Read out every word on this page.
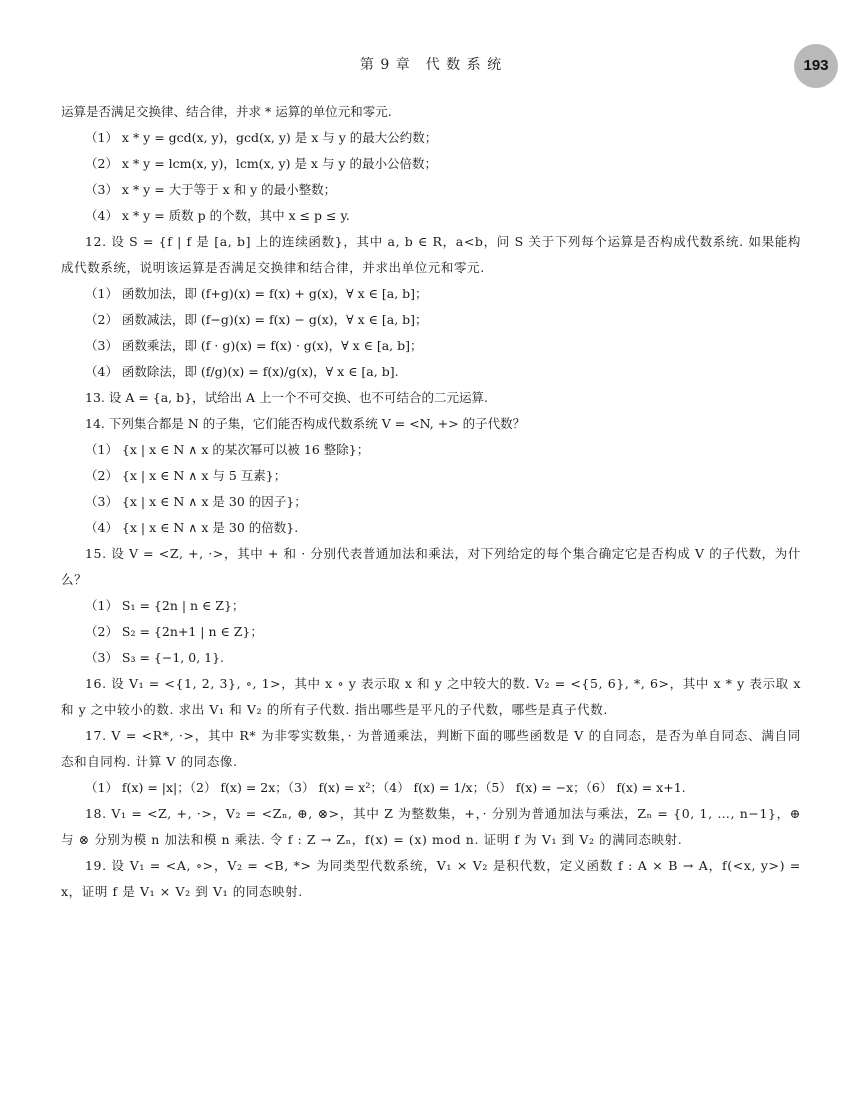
第 9 章　代 数 系 统	193

运算是否满足交换律、结合律，并求 * 运算的单位元和零元.

（1） x * y = gcd(x, y)，gcd(x, y) 是 x 与 y 的最大公约数；

（2） x * y = lcm(x, y)，lcm(x, y) 是 x 与 y 的最小公倍数；

（3） x * y = 大于等于 x 和 y 的最小整数；

（4） x * y = 质数 p 的个数，其中 x ≤ p ≤ y.

12. 设 S = {f | f 是 [a, b] 上的连续函数}，其中 a, b ∈ R，a<b，问 S 关于下列每个运算是否构成代数系统. 如果能构成代数系统，说明该运算是否满足交换律和结合律，并求出单位元和零元.

（1） 函数加法，即 (f+g)(x) = f(x) + g(x)，∀ x ∈ [a, b]；

（2） 函数减法，即 (f−g)(x) = f(x) − g(x)，∀ x ∈ [a, b]；

（3） 函数乘法，即 (f · g)(x) = f(x) · g(x)，∀ x ∈ [a, b]；

（4） 函数除法，即 (f/g)(x) = f(x)/g(x)，∀ x ∈ [a, b].

13. 设 A = {a, b}，试给出 A 上一个不可交换、也不可结合的二元运算.

14. 下列集合都是 N 的子集，它们能否构成代数系统 V = <N, +> 的子代数？

（1） {x | x ∈ N ∧ x 的某次幂可以被 16 整除}；

（2） {x | x ∈ N ∧ x 与 5 互素}；

（3） {x | x ∈ N ∧ x 是 30 的因子}；

（4） {x | x ∈ N ∧ x 是 30 的倍数}.

15. 设 V = <Z, +, ·>，其中 + 和 · 分别代表普通加法和乘法，对下列给定的每个集合确定它是否构成 V 的子代数，为什么？

（1） S₁ = {2n | n ∈ Z}；

（2） S₂ = {2n+1 | n ∈ Z}；

（3） S₃ = {−1, 0, 1}.

16. 设 V₁ = <{1, 2, 3}, ∘, 1>，其中 x ∘ y 表示取 x 和 y 之中较大的数. V₂ = <{5, 6}, *, 6>，其中 x * y 表示取 x 和 y 之中较小的数. 求出 V₁ 和 V₂ 的所有子代数. 指出哪些是平凡的子代数，哪些是真子代数.

17. V = <R*, ·>，其中 R* 为非零实数集，· 为普通乘法，判断下面的哪些函数是 V 的自同态，是否为单自同态、满自同态和自同构. 计算 V 的同态像.

（1） f(x) = |x|；（2） f(x) = 2x；（3） f(x) = x²；（4） f(x) = 1/x；（5） f(x) = −x；（6） f(x) = x+1.

18. V₁ = <Z, +, ·>，V₂ = <Zₙ, ⊕, ⊗>，其中 Z 为整数集，+，· 分别为普通加法与乘法，Zₙ = {0, 1, …, n−1}，⊕ 与 ⊗ 分别为模 n 加法和模 n 乘法. 令 f : Z → Zₙ，f(x) = (x) mod n. 证明 f 为 V₁ 到 V₂ 的满同态映射.

19. 设 V₁ = <A, ∘>，V₂ = <B, *> 为同类型代数系统，V₁ × V₂ 是积代数，定义函数 f : A × B → A，f(<x, y>) = x，证明 f 是 V₁ × V₂ 到 V₁ 的同态映射.
